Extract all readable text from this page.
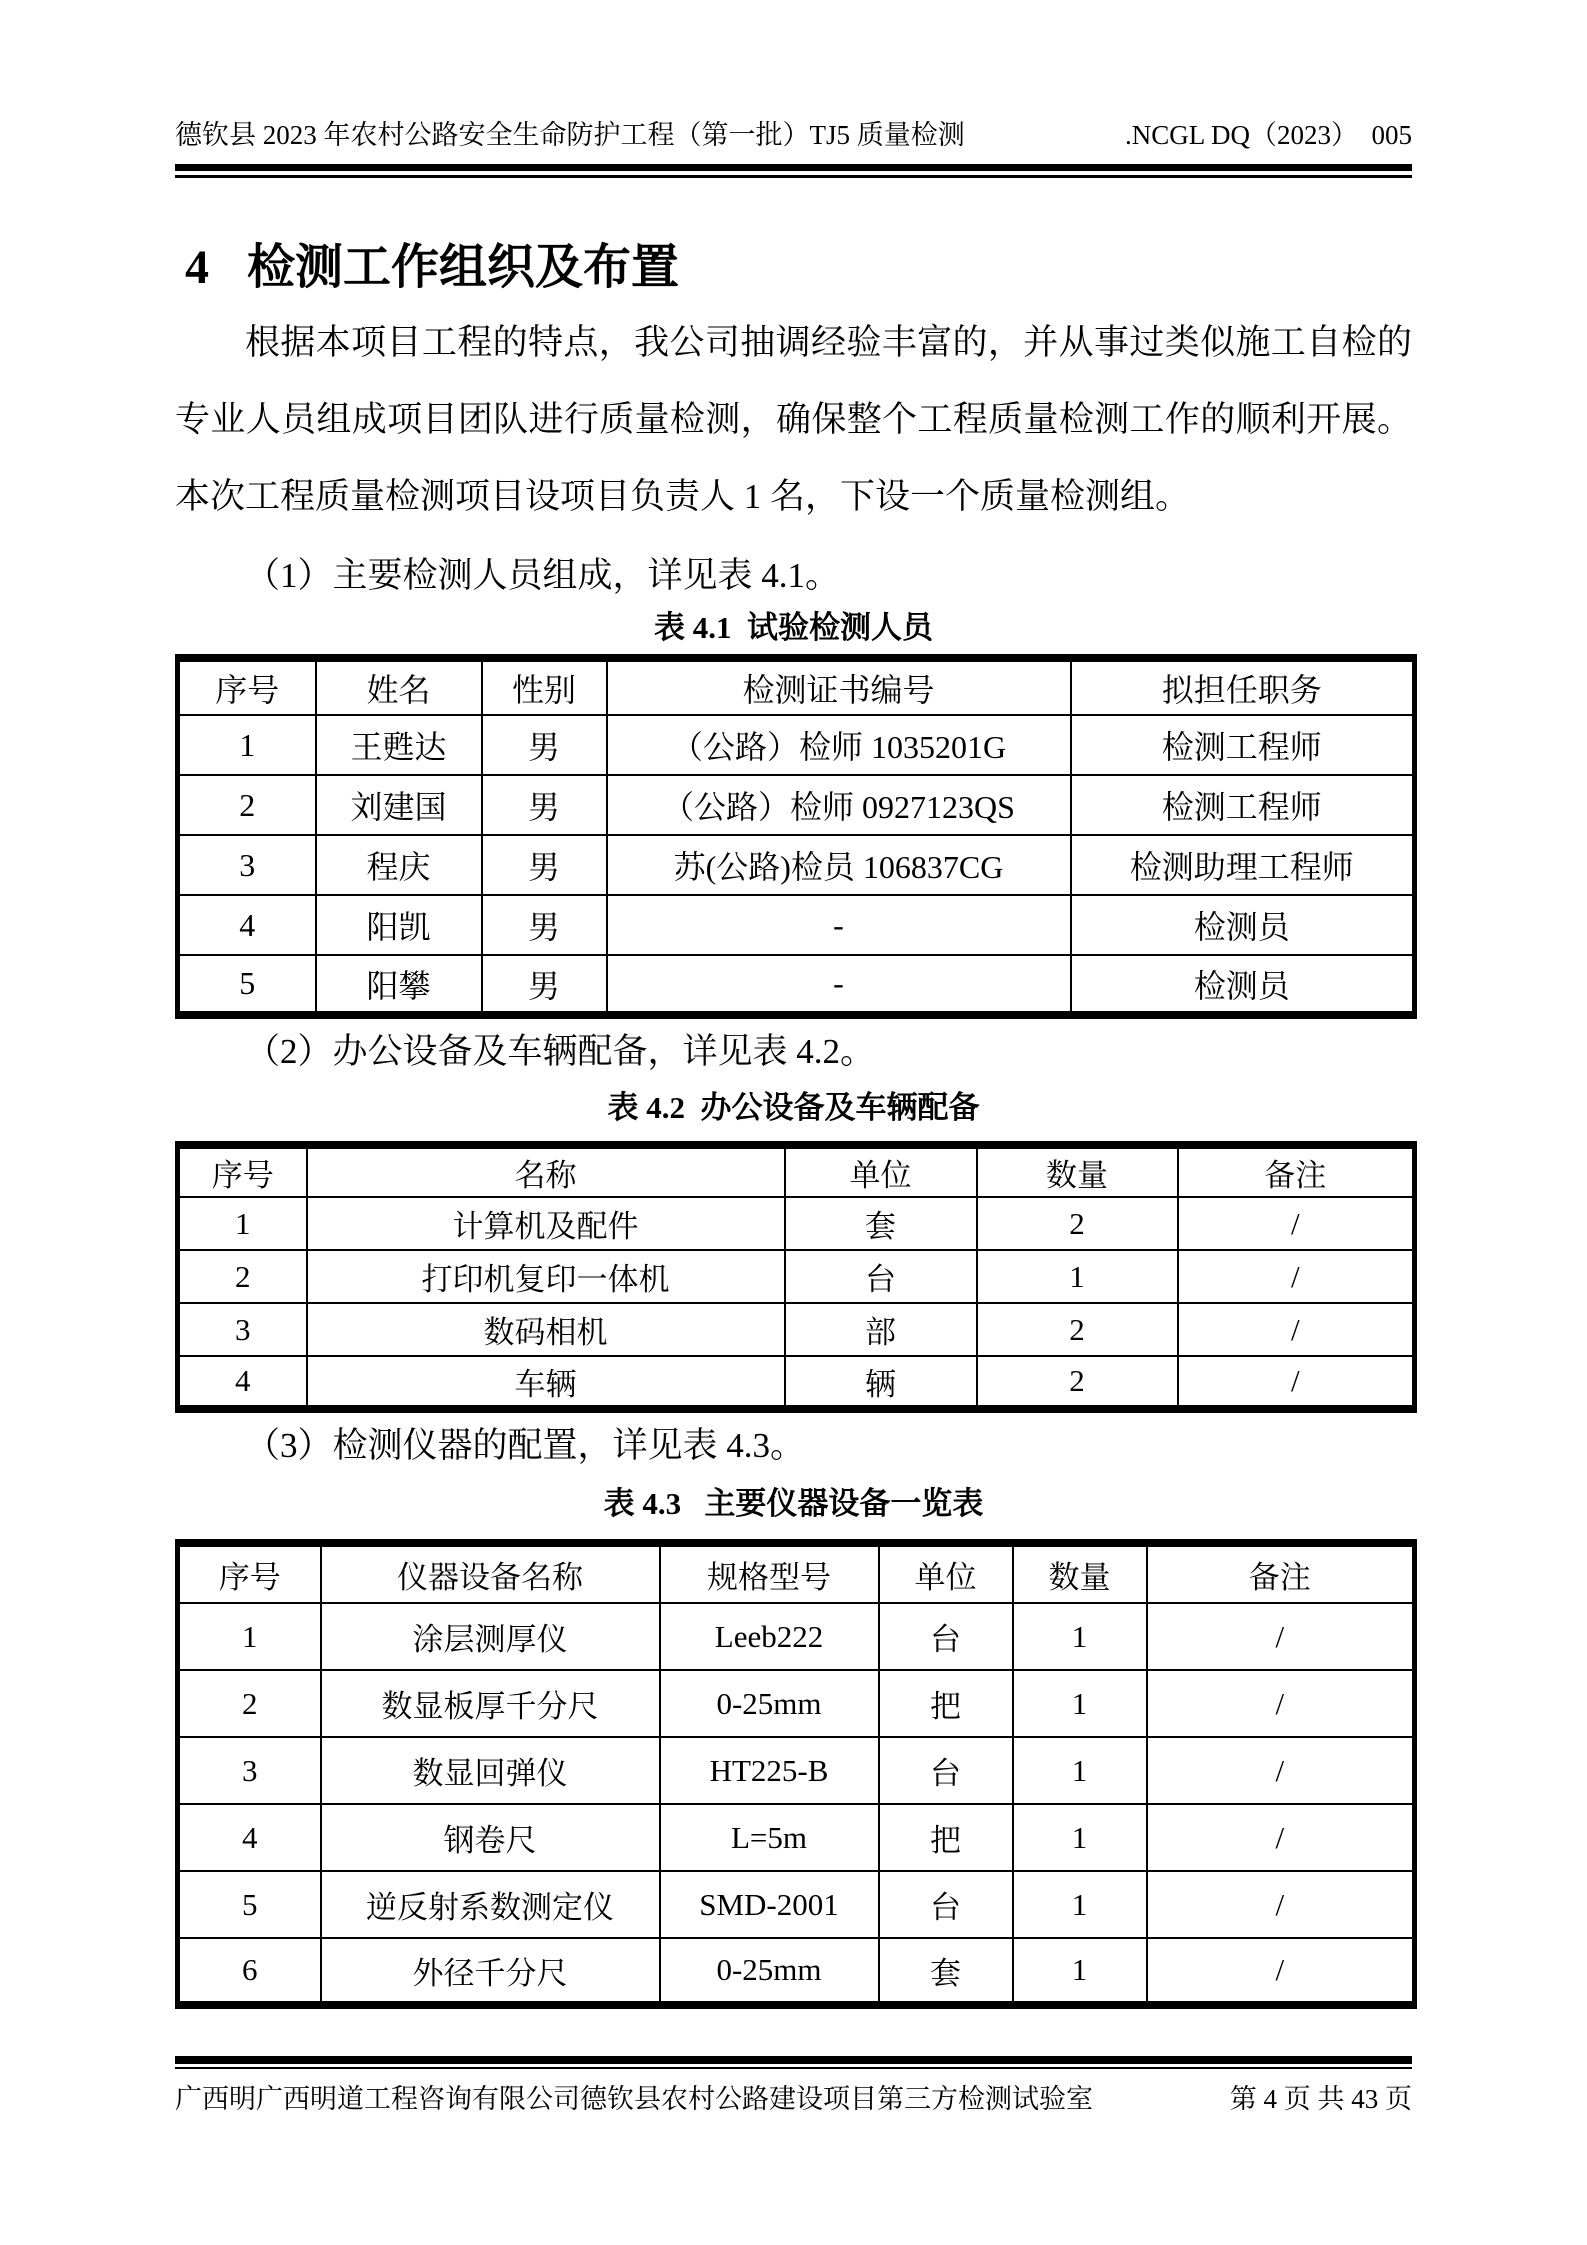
德钦县 2023 年农村公路安全生命防护工程（第一批）TJ5 质量检测	.NCGL DQ（2023）  005
4 检测工作组织及布置

根据本项目工程的特点，我公司抽调经验丰富的，并从事过类似施工自检的专业人员组成项目团队进行质量检测，确保整个工程质量检测工作的顺利开展。本次工程质量检测项目设项目负责人 1 名，下设一个质量检测组。

（1）主要检测人员组成，详见表 4.1。

表 4.1  试验检测人员

序号	姓名	性别	检测证书编号	拟担任职务
1	王甦达	男	（公路）检师 1035201G	检测工程师
2	刘建国	男	（公路）检师 0927123QS	检测工程师
3	程庆	男	苏(公路)检员 106837CG	检测助理工程师
4	阳凯	男	-	检测员
5	阳攀	男	-	检测员

（2）办公设备及车辆配备，详见表 4.2。

表 4.2  办公设备及车辆配备

序号	名称	单位	数量	备注
1	计算机及配件	套	2	/
2	打印机复印一体机	台	1	/
3	数码相机	部	2	/
4	车辆	辆	2	/

（3）检测仪器的配置，详见表 4.3。

表 4.3   主要仪器设备一览表

序号	仪器设备名称	规格型号	单位	数量	备注
1	涂层测厚仪	Leeb222	台	1	/
2	数显板厚千分尺	0-25mm	把	1	/
3	数显回弹仪	HT225-B	台	1	/
4	钢卷尺	L=5m	把	1	/
5	逆反射系数测定仪	SMD-2001	台	1	/
6	外径千分尺	0-25mm	套	1	/
广西明广西明道工程咨询有限公司德钦县农村公路建设项目第三方检测试验室	第 4 页 共 43 页
